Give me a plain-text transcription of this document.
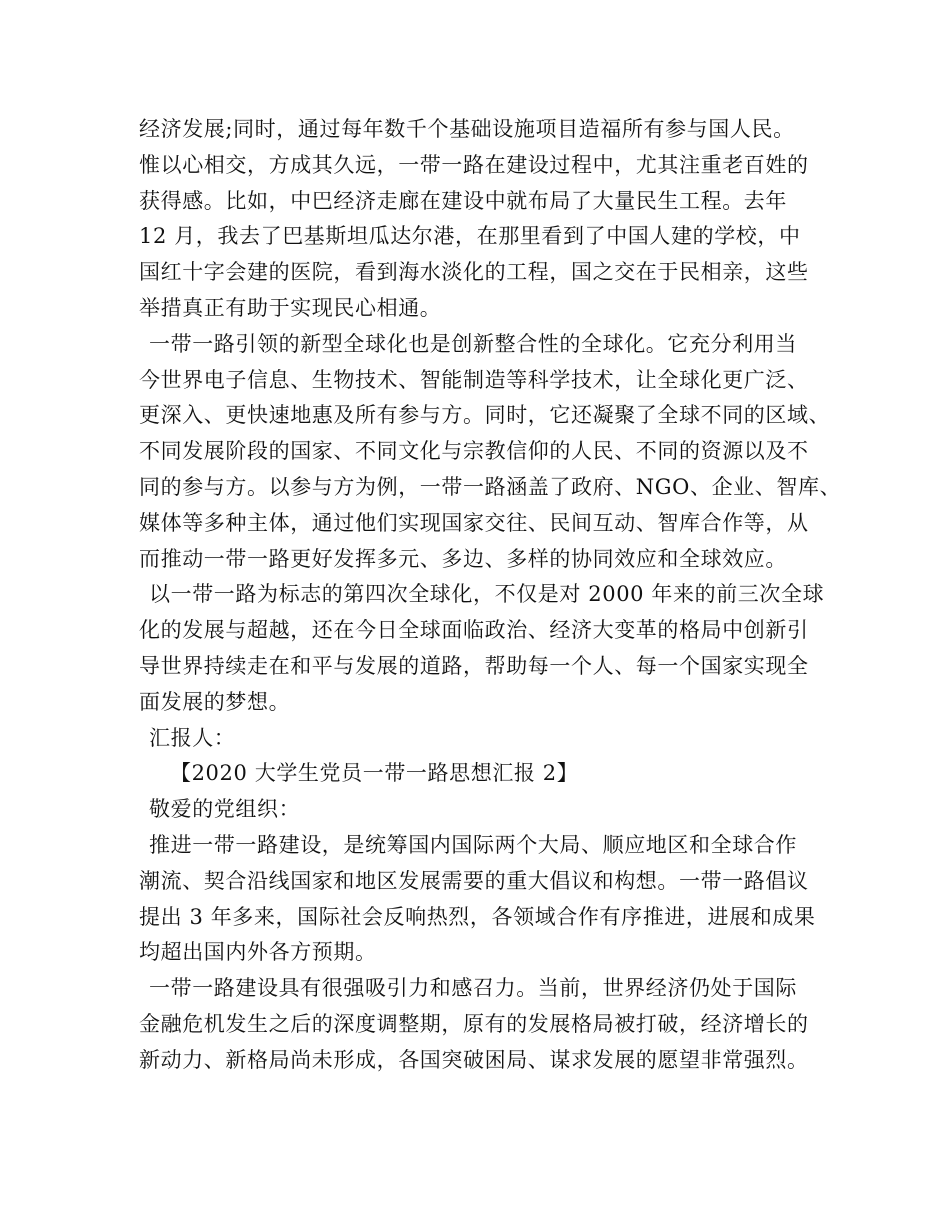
经济发展;同时，通过每年数千个基础设施项目造福所有参与国人民。
惟以心相交，方成其久远，一带一路在建设过程中，尤其注重老百姓的
获得感。比如，中巴经济走廊在建设中就布局了大量民生工程。去年
12 月，我去了巴基斯坦瓜达尔港，在那里看到了中国人建的学校，中
国红十字会建的医院，看到海水淡化的工程，国之交在于民相亲，这些
举措真正有助于实现民心相通。
一带一路引领的新型全球化也是创新整合性的全球化。它充分利用当
今世界电子信息、生物技术、智能制造等科学技术，让全球化更广泛、
更深入、更快速地惠及所有参与方。同时，它还凝聚了全球不同的区域、
不同发展阶段的国家、不同文化与宗教信仰的人民、不同的资源以及不
同的参与方。以参与方为例，一带一路涵盖了政府、NGO、企业、智库、
媒体等多种主体，通过他们实现国家交往、民间互动、智库合作等，从
而推动一带一路更好发挥多元、多边、多样的协同效应和全球效应。
以一带一路为标志的第四次全球化，不仅是对 2000 年来的前三次全球
化的发展与超越，还在今日全球面临政治、经济大变革的格局中创新引
导世界持续走在和平与发展的道路，帮助每一个人、每一个国家实现全
面发展的梦想。
汇报人：
【2020 大学生党员一带一路思想汇报 2】
敬爱的党组织：
推进一带一路建设，是统筹国内国际两个大局、顺应地区和全球合作
潮流、契合沿线国家和地区发展需要的重大倡议和构想。一带一路倡议
提出 3 年多来，国际社会反响热烈，各领域合作有序推进，进展和成果
均超出国内外各方预期。
一带一路建设具有很强吸引力和感召力。当前，世界经济仍处于国际
金融危机发生之后的深度调整期，原有的发展格局被打破，经济增长的
新动力、新格局尚未形成，各国突破困局、谋求发展的愿望非常强烈。
